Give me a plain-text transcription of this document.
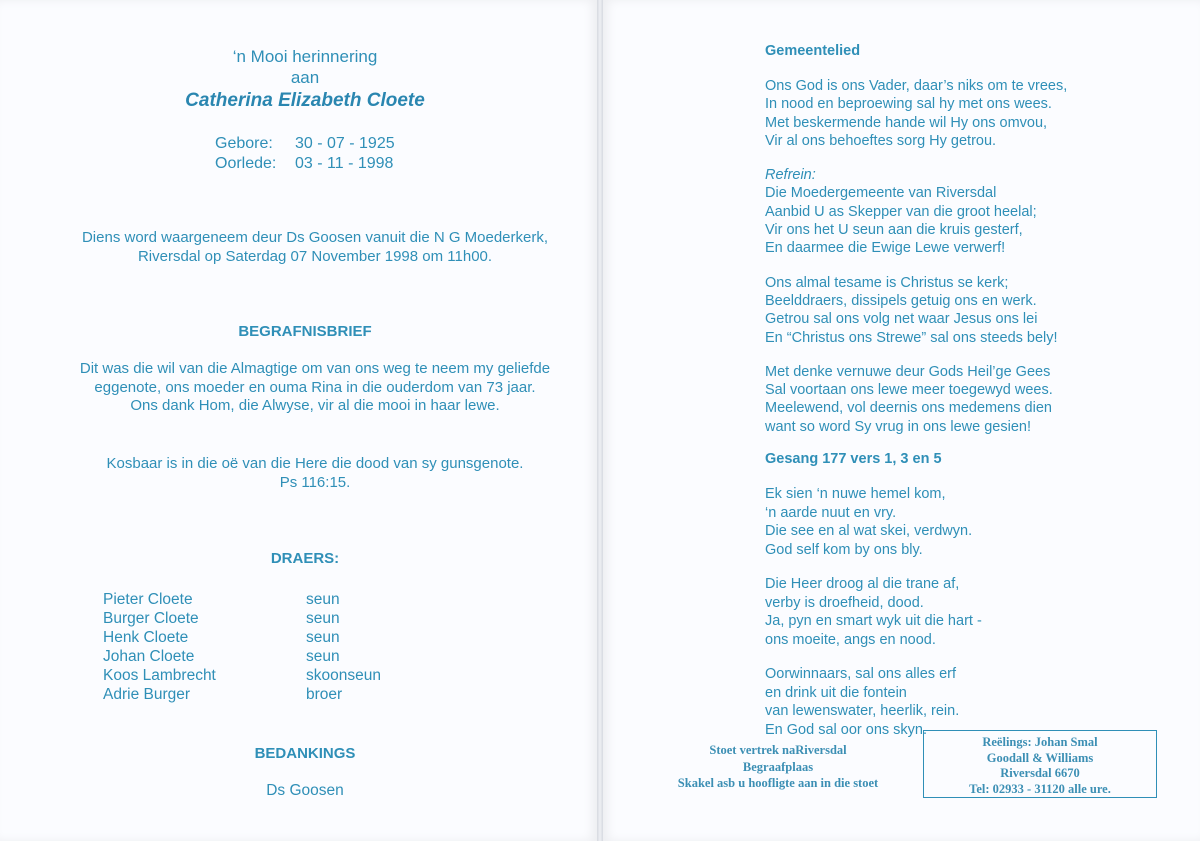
‘n Mooi herinnering
aan
Catherina Elizabeth Cloete
Gebore:	30 - 07 - 1925
Oorlede:	03 - 11 - 1998
Diens word waargeneem deur Ds Goosen vanuit die N G Moederkerk,
Riversdal op Saterdag 07 November 1998 om 11h00.
BEGRAFNISBRIEF
Dit was die wil van die Almagtige om van ons weg te neem my geliefde
eggenote, ons moeder en ouma Rina in die ouderdom van 73 jaar.
Ons dank Hom, die Alwyse, vir al die mooi in haar lewe.
Kosbaar is in die oë van die Here die dood van sy gunsgenote.
Ps 116:15.
DRAERS:
Pieter Cloete	seun
Burger Cloete	seun
Henk Cloete	seun
Johan Cloete	seun
Koos Lambrecht	skoonseun
Adrie Burger	broer
BEDANKINGS
Ds Goosen
Gemeentelied
Ons God is ons Vader, daar’s niks om te vrees,
In nood en beproewing sal hy met ons wees.
Met beskermende hande wil Hy ons omvou,
Vir al ons behoeftes sorg Hy getrou.
Refrein:
Die Moedergemeente van Riversdal
Aanbid U as Skepper van die groot heelal;
Vir ons het U seun aan die kruis gesterf,
En daarmee die Ewige Lewe verwerf!
Ons almal tesame is Christus se kerk;
Beelddraers, dissipels getuig ons en werk.
Getrou sal ons volg net waar Jesus ons lei
En “Christus ons Strewe” sal ons steeds bely!
Met denke vernuwe deur Gods Heil’ge Gees
Sal voortaan ons lewe meer toegewyd wees.
Meelewend, vol deernis ons medemens dien
want so word Sy vrug in ons lewe gesien!
Gesang 177 vers 1, 3 en 5
Ek sien ‘n nuwe hemel kom,
‘n aarde nuut en vry.
Die see en al wat skei, verdwyn.
God self kom by ons bly.
Die Heer droog al die trane af,
verby is droefheid, dood.
Ja, pyn en smart wyk uit die hart -
ons moeite, angs en nood.
Oorwinnaars, sal ons alles erf
en drink uit die fontein
van lewenswater, heerlik, rein.
En God sal oor ons skyn.
Stoet vertrek naRiversdal
Begraafplaas
Skakel asb u hoofligte aan in die stoet
Reëlings: Johan Smal
Goodall & Williams
Riversdal 6670
Tel: 02933 - 31120 alle ure.
